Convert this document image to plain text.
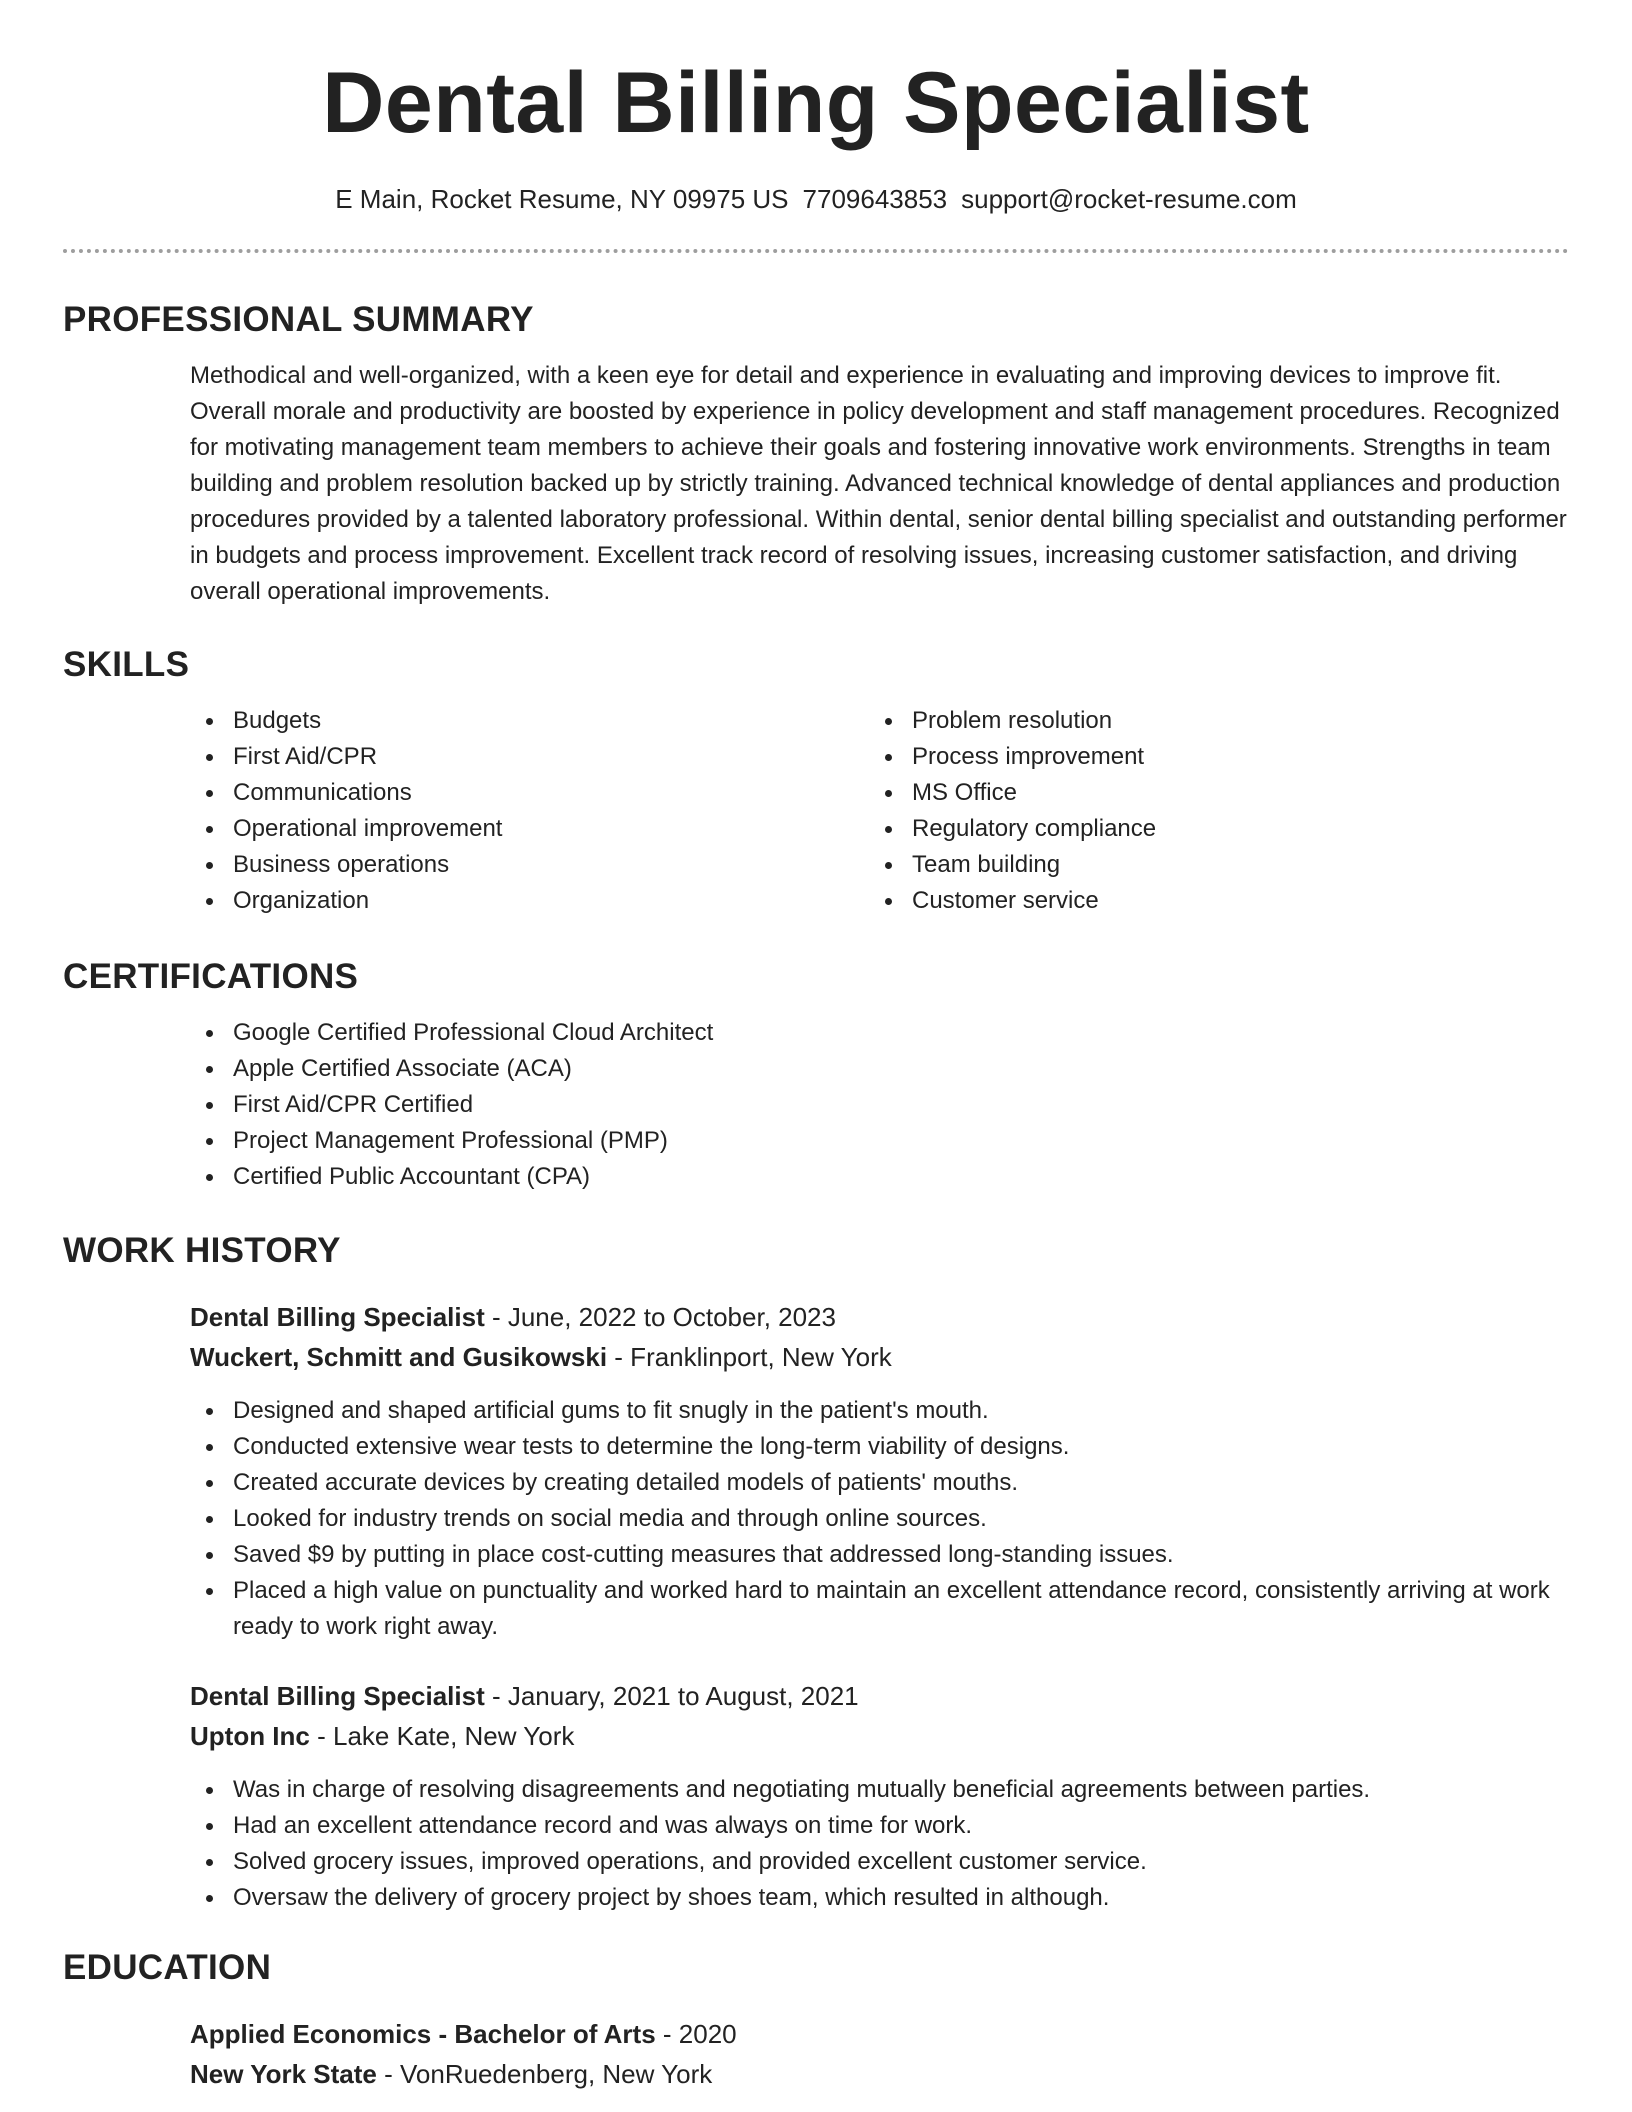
Dental Billing Specialist
E Main, Rocket Resume, NY 09975 US 7709643853 support@rocket-resume.com
PROFESSIONAL SUMMARY

Methodical and well-organized, with a keen eye for detail and experience in evaluating and improving devices to improve fit. Overall morale and productivity are boosted by experience in policy development and staff management procedures. Recognized for motivating management team members to achieve their goals and fostering innovative work environments. Strengths in team building and problem resolution backed up by strictly training. Advanced technical knowledge of dental appliances and production procedures provided by a talented laboratory professional. Within dental, senior dental billing specialist and outstanding performer in budgets and process improvement. Excellent track record of resolving issues, increasing customer satisfaction, and driving overall operational improvements.

SKILLS
Budgets
First Aid/CPR
Communications
Operational improvement
Business operations
Organization
Problem resolution
Process improvement
MS Office
Regulatory compliance
Team building
Customer service
CERTIFICATIONS
Google Certified Professional Cloud Architect
Apple Certified Associate (ACA)
First Aid/CPR Certified
Project Management Professional (PMP)
Certified Public Accountant (CPA)
WORK HISTORY
Dental Billing Specialist - June, 2022 to October, 2023
Wuckert, Schmitt and Gusikowski - Franklinport, New York
Designed and shaped artificial gums to fit snugly in the patient's mouth.
Conducted extensive wear tests to determine the long-term viability of designs.
Created accurate devices by creating detailed models of patients' mouths.
Looked for industry trends on social media and through online sources.
Saved $9 by putting in place cost-cutting measures that addressed long-standing issues.
Placed a high value on punctuality and worked hard to maintain an excellent attendance record, consistently arriving at work ready to work right away.
Dental Billing Specialist - January, 2021 to August, 2021
Upton Inc - Lake Kate, New York
Was in charge of resolving disagreements and negotiating mutually beneficial agreements between parties.
Had an excellent attendance record and was always on time for work.
Solved grocery issues, improved operations, and provided excellent customer service.
Oversaw the delivery of grocery project by shoes team, which resulted in although.
EDUCATION
Applied Economics - Bachelor of Arts - 2020
New York State - VonRuedenberg, New York
